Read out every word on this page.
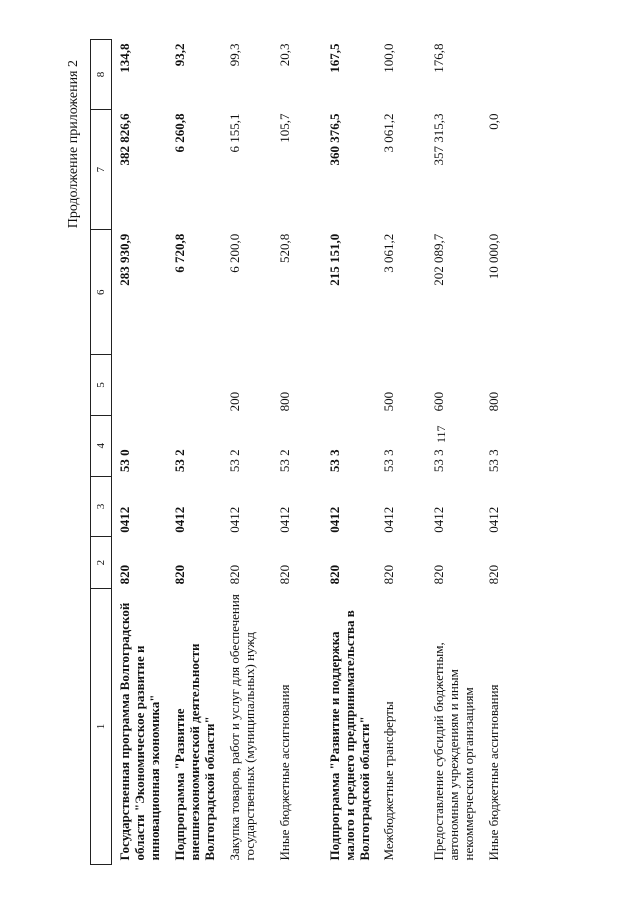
Продолжение приложения 2
117
1	2	3	4	5	6	7	8
Государственная программа Волгоградской области "Экономическое развитие и инновационная экономика"	820	0412	53 0		283 930,9	382 826,6	134,8
Подпрограмма "Развитие внешнеэкономической деятельности Волгоградской области"	820	0412	53 2		6 720,8	6 260,8	93,2
Закупка товаров, работ и услуг для обеспечения государственных (муниципальных) нужд	820	0412	53 2	200	6 200,0	6 155,1	99,3
Иные бюджетные ассигнования	820	0412	53 2	800	520,8	105,7	20,3
Подпрограмма "Развитие и поддержка малого и среднего предпринимательства в Волгоградской области"	820	0412	53 3		215 151,0	360 376,5	167,5
Межбюджетные трансферты	820	0412	53 3	500	3 061,2	3 061,2	100,0
Предоставление субсидий бюджетным, автономным учреждениям и иным некоммерческим организациям	820	0412	53 3	600	202 089,7	357 315,3	176,8
Иные бюджетные ассигнования	820	0412	53 3	800	10 000,0	0,0	
